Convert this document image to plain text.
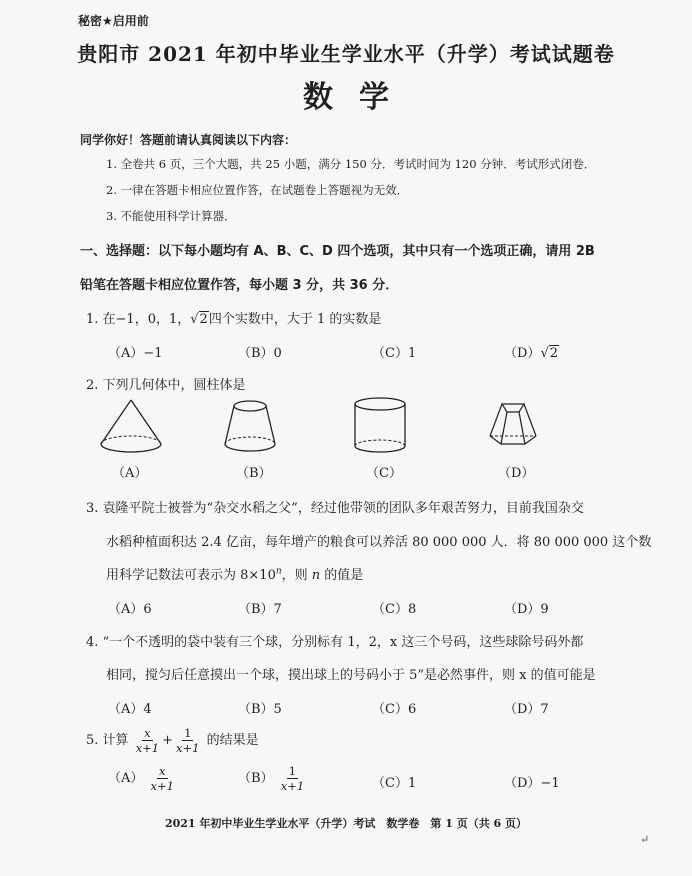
秘密★启用前
贵阳市 2021 年初中毕业生学业水平（升学）考试试题卷
数学
同学你好！答题前请认真阅读以下内容：
1. 全卷共 6 页，三个大题，共 25 小题，满分 150 分．考试时间为 120 分钟．考试形式闭卷．
2. 一律在答题卡相应位置作答，在试题卷上答题视为无效．
3. 不能使用科学计算器．
一、选择题：以下每小题均有 A、B、C、D 四个选项，其中只有一个选项正确，请用 2B
铅笔在答题卡相应位置作答，每小题 3 分，共 36 分．
1. 在−1，0，1，√2四个实数中，大于 1 的实数是
（A）−1	（B）0	（C）1	（D）√2
2. 下列几何体中，圆柱体是
（A）	（B）	（C）	（D）
3. 袁隆平院士被誉为“杂交水稻之父”，经过他带领的团队多年艰苦努力，目前我国杂交
水稻种植面积达 2.4 亿亩，每年增产的粮食可以养活 80 000 000 人．将 80 000 000 这个数
用科学记数法可表示为 $8\times 10^n$，则 n 的值是
（A）6	（B）7	（C）8	（D）9
4. “一个不透明的袋中装有三个球，分别标有 1，2，x 这三个号码，这些球除号码外都
相同，搅匀后任意摸出一个球，摸出球上的号码小于 5”是必然事件，则 x 的值可能是
（A）4	（B）5	（C）6	（D）7
5. 计算 $\frac{x}{x+1} + \frac{1}{x+1}$ 的结果是
$(A) \frac{x}{x+1}$	$(B) \frac{1}{x+1}$	（C）1	（D）−1
2021 年初中毕业生学业水平（升学）考试　数学卷　第 1 页（共 6 页）
↵
